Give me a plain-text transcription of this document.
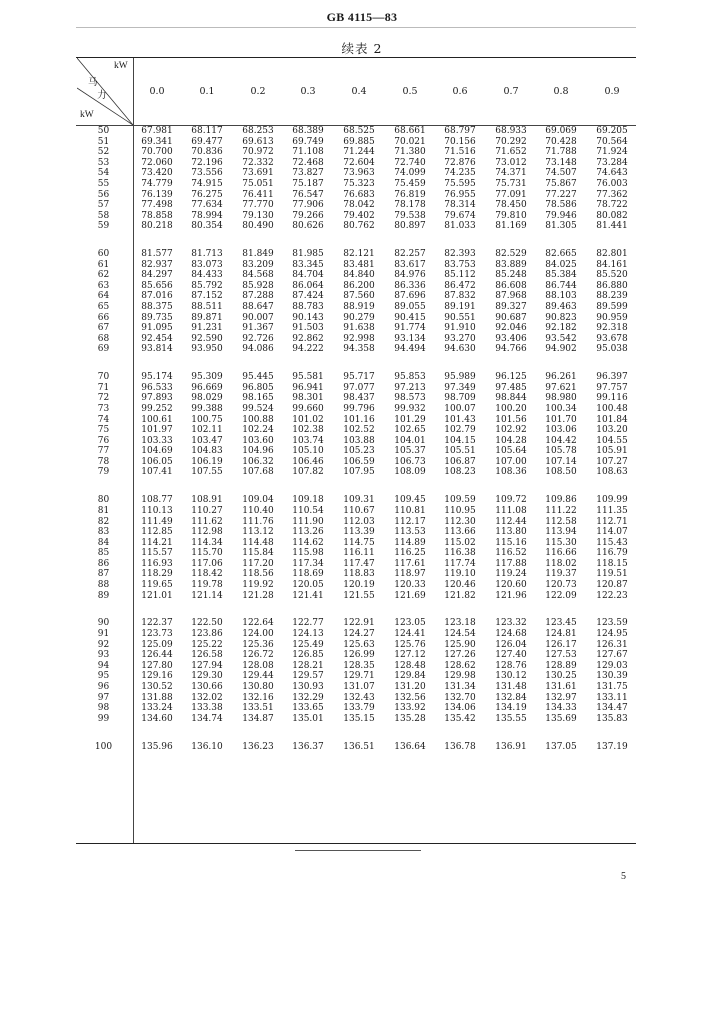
GB 4115—83
续表 2
kW
马
力
kW
0.0	0.1	0.2	0.3	0.4	0.5	0.6	0.7	0.8	0.9
50	67.981	68.117	68.253	68.389	68.525	68.661	68.797	68.933	69.069	69.205
51	69.341	69.477	69.613	69.749	69.885	70.021	70.156	70.292	70.428	70.564
52	70.700	70.836	70.972	71.108	71.244	71.380	71.516	71.652	71.788	71.924
53	72.060	72.196	72.332	72.468	72.604	72.740	72.876	73.012	73.148	73.284
54	73.420	73.556	73.691	73.827	73.963	74.099	74.235	74.371	74.507	74.643
55	74.779	74.915	75.051	75.187	75.323	75.459	75.595	75.731	75.867	76.003
56	76.139	76.275	76.411	76.547	76.683	76.819	76.955	77.091	77.227	77.362
57	77.498	77.634	77.770	77.906	78.042	78.178	78.314	78.450	78.586	78.722
58	78.858	78.994	79.130	79.266	79.402	79.538	79.674	79.810	79.946	80.082
59	80.218	80.354	80.490	80.626	80.762	80.897	81.033	81.169	81.305	81.441
60	81.577	81.713	81.849	81.985	82.121	82.257	82.393	82.529	82.665	82.801
61	82.937	83.073	83.209	83.345	83.481	83.617	83.753	83.889	84.025	84.161
62	84.297	84.433	84.568	84.704	84.840	84.976	85.112	85.248	85.384	85.520
63	85.656	85.792	85.928	86.064	86.200	86.336	86.472	86.608	86.744	86.880
64	87.016	87.152	87.288	87.424	87.560	87.696	87.832	87.968	88.103	88.239
65	88.375	88.511	88.647	88.783	88.919	89.055	89.191	89.327	89.463	89.599
66	89.735	89.871	90.007	90.143	90.279	90.415	90.551	90.687	90.823	90.959
67	91.095	91.231	91.367	91.503	91.638	91.774	91.910	92.046	92.182	92.318
68	92.454	92.590	92.726	92.862	92.998	93.134	93.270	93.406	93.542	93.678
69	93.814	93.950	94.086	94.222	94.358	94.494	94.630	94.766	94.902	95.038
70	95.174	95.309	95.445	95.581	95.717	95.853	95.989	96.125	96.261	96.397
71	96.533	96.669	96.805	96.941	97.077	97.213	97.349	97.485	97.621	97.757
72	97.893	98.029	98.165	98.301	98.437	98.573	98.709	98.844	98.980	99.116
73	99.252	99.388	99.524	99.660	99.796	99.932	100.07	100.20	100.34	100.48
74	100.61	100.75	100.88	101.02	101.16	101.29	101.43	101.56	101.70	101.84
75	101.97	102.11	102.24	102.38	102.52	102.65	102.79	102.92	103.06	103.20
76	103.33	103.47	103.60	103.74	103.88	104.01	104.15	104.28	104.42	104.55
77	104.69	104.83	104.96	105.10	105.23	105.37	105.51	105.64	105.78	105.91
78	106.05	106.19	106.32	106.46	106.59	106.73	106.87	107.00	107.14	107.27
79	107.41	107.55	107.68	107.82	107.95	108.09	108.23	108.36	108.50	108.63
80	108.77	108.91	109.04	109.18	109.31	109.45	109.59	109.72	109.86	109.99
81	110.13	110.27	110.40	110.54	110.67	110.81	110.95	111.08	111.22	111.35
82	111.49	111.62	111.76	111.90	112.03	112.17	112.30	112.44	112.58	112.71
83	112.85	112.98	113.12	113.26	113.39	113.53	113.66	113.80	113.94	114.07
84	114.21	114.34	114.48	114.62	114.75	114.89	115.02	115.16	115.30	115.43
85	115.57	115.70	115.84	115.98	116.11	116.25	116.38	116.52	116.66	116.79
86	116.93	117.06	117.20	117.34	117.47	117.61	117.74	117.88	118.02	118.15
87	118.29	118.42	118.56	118.69	118.83	118.97	119.10	119.24	119.37	119.51
88	119.65	119.78	119.92	120.05	120.19	120.33	120.46	120.60	120.73	120.87
89	121.01	121.14	121.28	121.41	121.55	121.69	121.82	121.96	122.09	122.23
90	122.37	122.50	122.64	122.77	122.91	123.05	123.18	123.32	123.45	123.59
91	123.73	123.86	124.00	124.13	124.27	124.41	124.54	124.68	124.81	124.95
92	125.09	125.22	125.36	125.49	125.63	125.76	125.90	126.04	126.17	126.31
93	126.44	126.58	126.72	126.85	126.99	127.12	127.26	127.40	127.53	127.67
94	127.80	127.94	128.08	128.21	128.35	128.48	128.62	128.76	128.89	129.03
95	129.16	129.30	129.44	129.57	129.71	129.84	129.98	130.12	130.25	130.39
96	130.52	130.66	130.80	130.93	131.07	131.20	131.34	131.48	131.61	131.75
97	131.88	132.02	132.16	132.29	132.43	132.56	132.70	132.84	132.97	133.11
98	133.24	133.38	133.51	133.65	133.79	133.92	134.06	134.19	134.33	134.47
99	134.60	134.74	134.87	135.01	135.15	135.28	135.42	135.55	135.69	135.83
100	135.96	136.10	136.23	136.37	136.51	136.64	136.78	136.91	137.05	137.19
5
